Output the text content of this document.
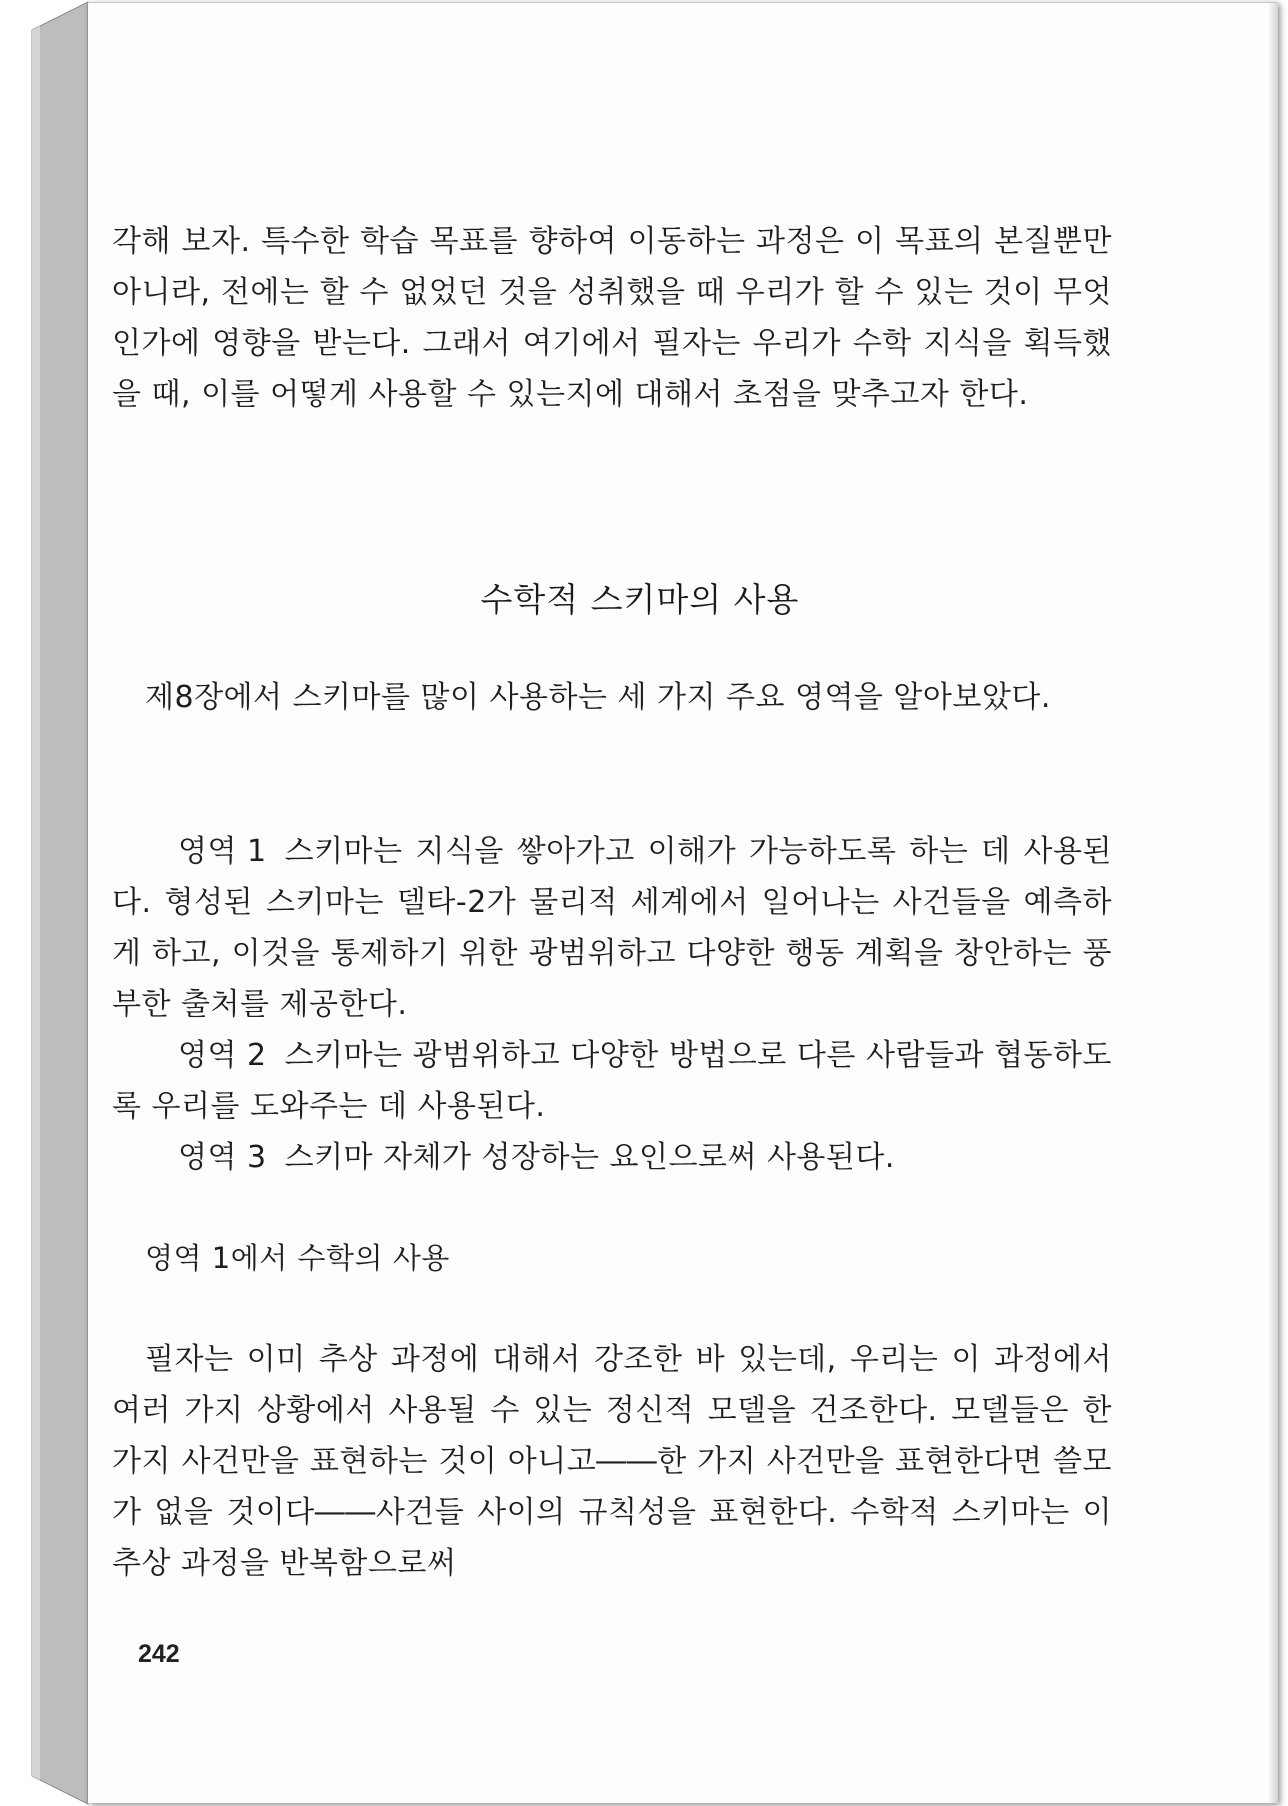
각해 보자. 특수한 학습 목표를 향하여 이동하는 과정은 이 목표의 본질뿐만 아니라, 전에는 할 수 없었던 것을 성취했을 때 우리가 할 수 있는 것이 무엇인가에 영향을 받는다. 그래서 여기에서 필자는 우리가 수학 지식을 획득했을 때, 이를 어떻게 사용할 수 있는지에 대해서 초점을 맞추고자 한다.

수학적 스키마의 사용

제8장에서 스키마를 많이 사용하는 세 가지 주요 영역을 알아보았다.

영역 1 스키마는 지식을 쌓아가고 이해가 가능하도록 하는 데 사용된다. 형성된 스키마는 델타-2가 물리적 세계에서 일어나는 사건들을 예측하게 하고, 이것을 통제하기 위한 광범위하고 다양한 행동 계획을 창안하는 풍부한 출처를 제공한다.

영역 2 스키마는 광범위하고 다양한 방법으로 다른 사람들과 협동하도록 우리를 도와주는 데 사용된다.

영역 3 스키마 자체가 성장하는 요인으로써 사용된다.

영역 1에서 수학의 사용

필자는 이미 추상 과정에 대해서 강조한 바 있는데, 우리는 이 과정에서 여러 가지 상황에서 사용될 수 있는 정신적 모델을 건조한다. 모델들은 한 가지 사건만을 표현하는 것이 아니고――한 가지 사건만을 표현한다면 쓸모가 없을 것이다――사건들 사이의 규칙성을 표현한다. 수학적 스키마는 이 추상 과정을 반복함으로써

242
